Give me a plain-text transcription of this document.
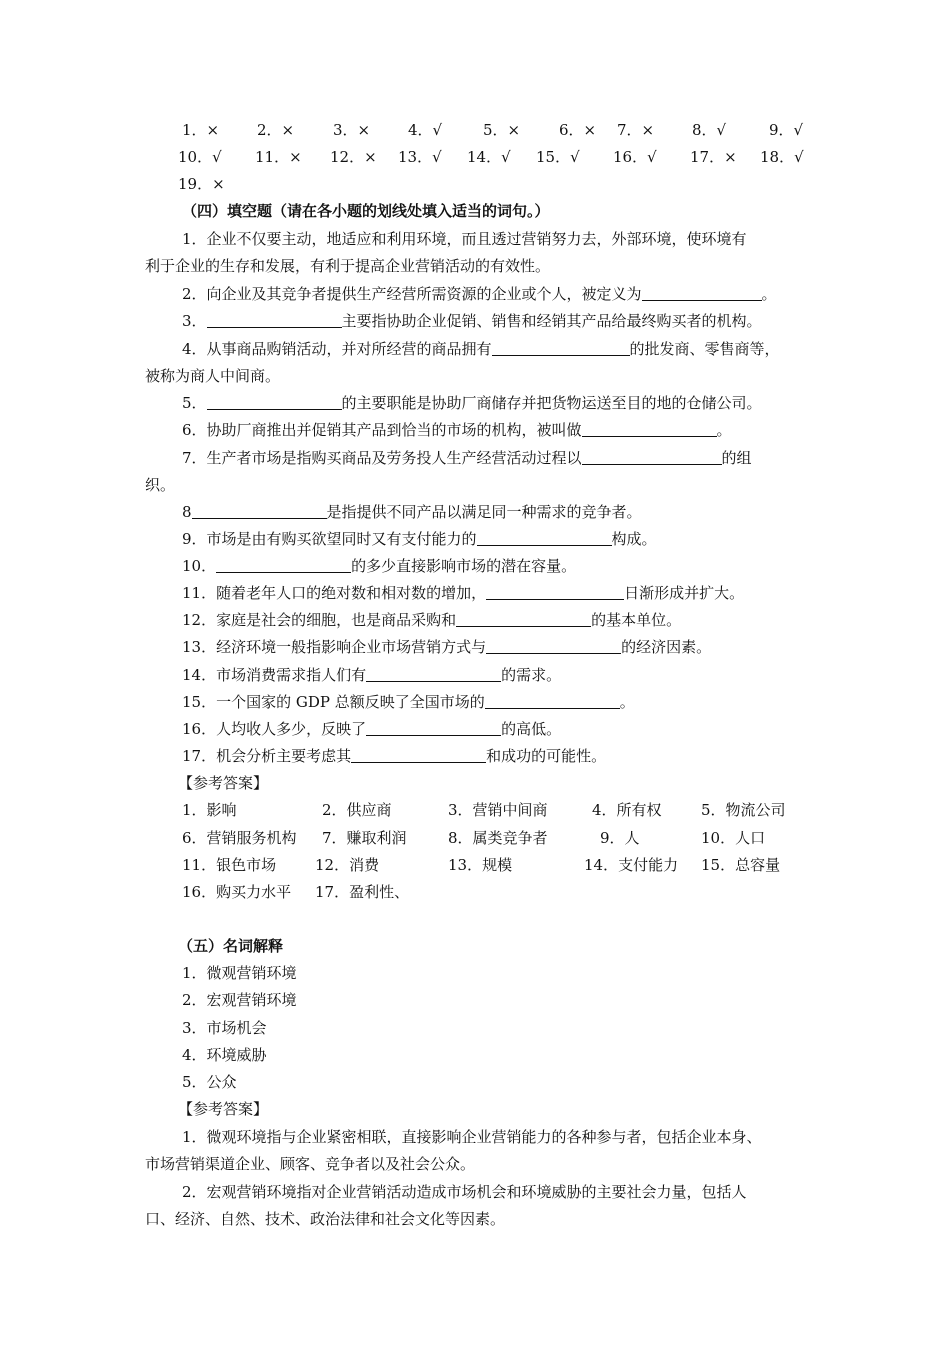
1．×	2．×	3．×	4．√	5．×	6．× 7．×	8．√	9．√
10．√ 11．× 12．× 13．√ 14．√ 15．√ 16．√ 17．× 18．√
19．×
（四）填空题（请在各小题的划线处填入适当的词句。）
1．企业不仅要主动，地适应和利用环境，而且透过营销努力去，外部环境，使环境有
利于企业的生存和发展，有利于提高企业营销活动的有效性。
2．向企业及其竞争者提供生产经营所需资源的企业或个人，被定义为	。
3．	主要指协助企业促销、销售和经销其产品给最终购买者的机构。
4．从事商品购销活动，并对所经营的商品拥有	的批发商、零售商等，
被称为商人中间商。
5．	的主要职能是协助厂商储存并把货物运送至目的地的仓储公司。
6．协助厂商推出并促销其产品到恰当的市场的机构，被叫做	。
7．生产者市场是指购买商品及劳务投人生产经营活动过程以	的组
织。
8	是指提供不同产品以满足同一种需求的竞争者。
9．市场是由有购买欲望同时又有支付能力的	构成。
10．	的多少直接影响市场的潜在容量。
11．随着老年人口的绝对数和相对数的增加，	日渐形成并扩大。
12．家庭是社会的细胞，也是商品采购和	的基本单位。
13．经济环境一般指影响企业市场营销方式与	的经济因素。
14．市场消费需求指人们有	的需求。
15．一个国家的 GDP 总额反映了全国市场的	。
16．人均收人多少，反映了	的高低。
17．机会分析主要考虑其	和成功的可能性。
【参考答案】
1．影响	2．供应商	3．营销中间商	4．所有权	5．物流公司
6．营销服务机构 7．赚取利润	8．属类竞争者	9．人	10．人口
11．银色市场	12．消费	13．规模	14．支付能力 15．总容量
16．购买力水平 17．盈利性、
（五）名词解释
1．微观营销环境
2．宏观营销环境
3．市场机会
4．环境威胁
5．公众
【参考答案】
1．微观环境指与企业紧密相联，直接影响企业营销能力的各种参与者，包括企业本身、
市场营销渠道企业、顾客、竞争者以及社会公众。
2．宏观营销环境指对企业营销活动造成市场机会和环境威胁的主要社会力量，包括人
口、经济、自然、技术、政治法律和社会文化等因素。
